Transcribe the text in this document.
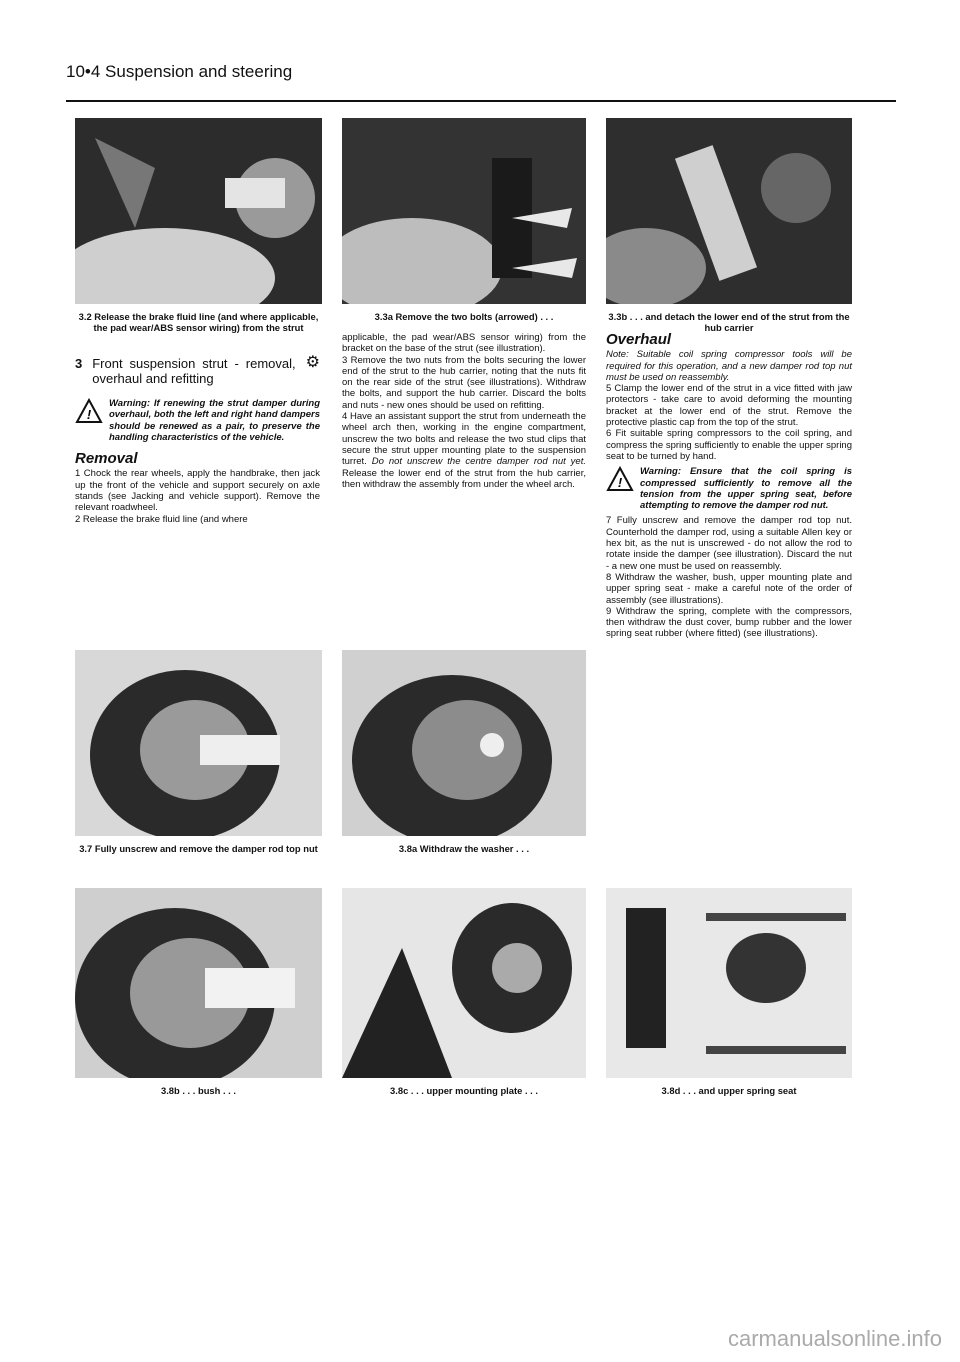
10•4 Suspension and steering
3.2 Release the brake fluid line (and where applicable, the pad wear/ABS sensor wiring) from the strut
3.3a Remove the two bolts (arrowed) . . .	3.3b . . . and detach the lower end of the strut from the hub carrier
3 Front suspension strut - removal, overhaul and refitting
⚙
!
Warning: If renewing the strut damper during overhaul, both the left and right hand dampers should be renewed as a pair, to preserve the handling characteristics of the vehicle.
Removal

1 Chock the rear wheels, apply the handbrake, then jack up the front of the vehicle and support securely on axle stands (see Jacking and vehicle support). Remove the relevant roadwheel.

2 Release the brake fluid line (and where

applicable, the pad wear/ABS sensor wiring) from the bracket on the base of the strut (see illustration).

3 Remove the two nuts from the bolts securing the lower end of the strut to the hub carrier, noting that the nuts fit on the rear side of the strut (see illustrations). Withdraw the bolts, and support the hub carrier. Discard the bolts and nuts - new ones should be used on refitting.

4 Have an assistant support the strut from underneath the wheel arch then, working in the engine compartment, unscrew the two bolts and release the two stud clips that secure the strut upper mounting plate to the suspension turret. Do not unscrew the centre damper rod nut yet. Release the lower end of the strut from the hub carrier, then withdraw the assembly from under the wheel arch.

Overhaul

Note: Suitable coil spring compressor tools will be required for this operation, and a new damper rod top nut must be used on reassembly.

5 Clamp the lower end of the strut in a vice fitted with jaw protectors - take care to avoid deforming the mounting bracket at the lower end of the strut. Remove the protective plastic cap from the top of the strut.

6 Fit suitable spring compressors to the coil spring, and compress the spring sufficiently to enable the upper spring seat to be turned by hand.

!
Warning: Ensure that the coil spring is compressed sufficiently to remove all the tension from the upper spring seat, before attempting to remove the damper rod nut.

7 Fully unscrew and remove the damper rod top nut. Counterhold the damper rod, using a suitable Allen key or hex bit, as the nut is unscrewed - do not allow the rod to rotate inside the damper (see illustration). Discard the nut - a new one must be used on reassembly.

8 Withdraw the washer, bush, upper mounting plate and upper spring seat - make a careful note of the order of assembly (see illustrations).

9 Withdraw the spring, complete with the compressors, then withdraw the dust cover, bump rubber and the lower spring seat rubber (where fitted) (see illustrations).

3.7 Fully unscrew and remove the damper rod top nut	3.8a Withdraw the washer . . .
3.8b . . . bush . . .	3.8c . . . upper mounting plate . . .	3.8d . . . and upper spring seat
carmanualsonline.info
